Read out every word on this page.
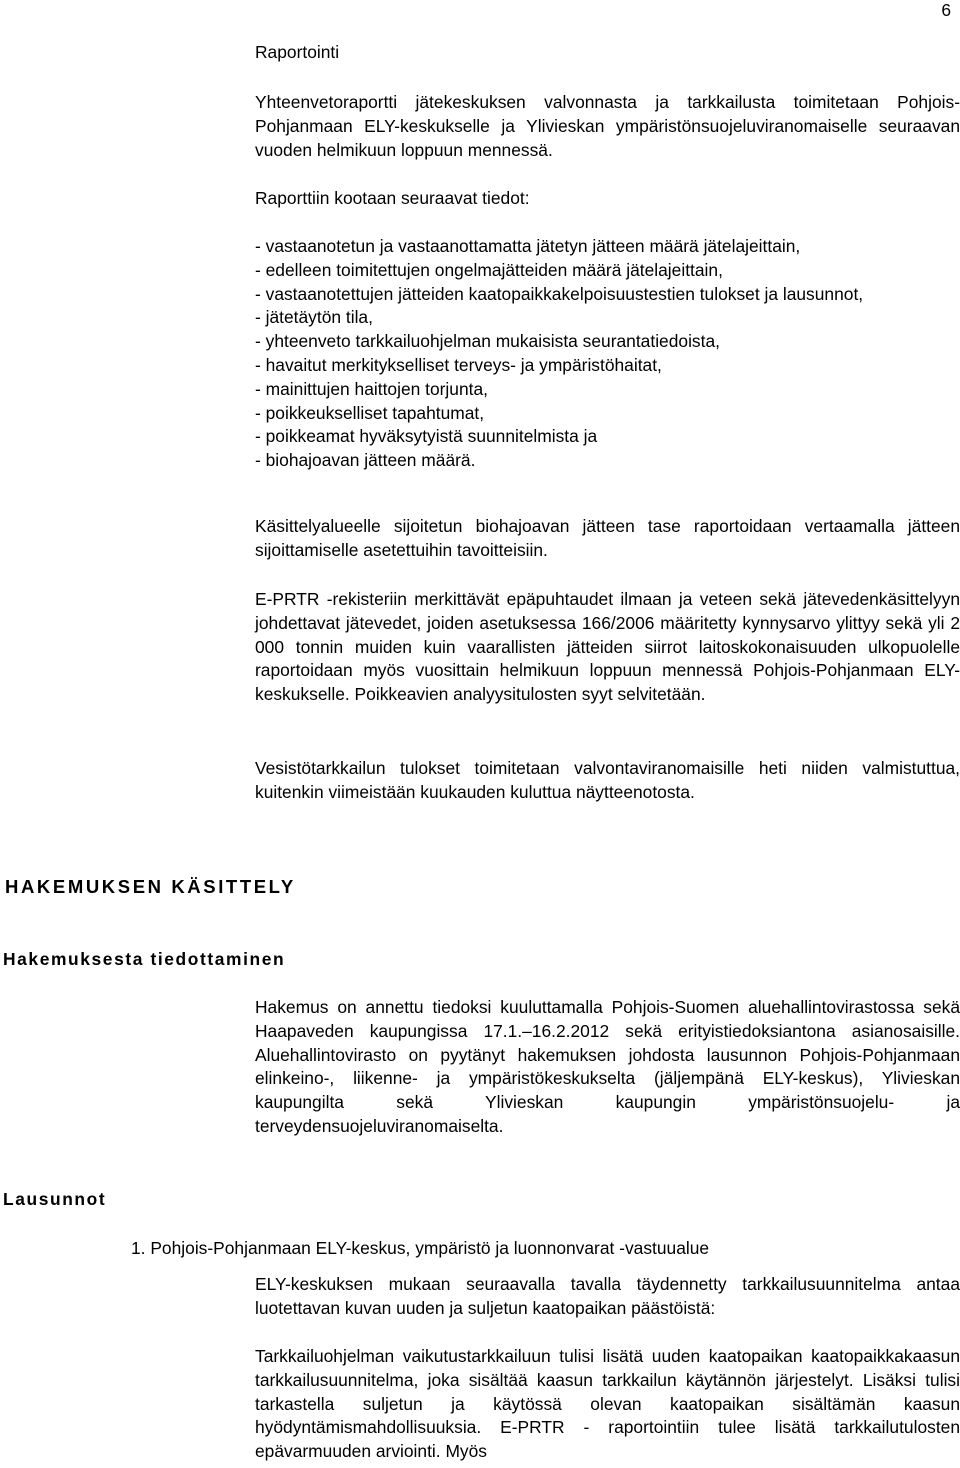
6
Raportointi

Yhteenvetoraportti jätekeskuksen valvonnasta ja tarkkailusta toimitetaan Pohjois-Pohjanmaan ELY-keskukselle ja Ylivieskan ympäristönsuojeluviranomaiselle seuraavan vuoden helmikuun loppuun mennessä.

Raporttiin kootaan seuraavat tiedot:

- vastaanotetun ja vastaanottamatta jätetyn jätteen määrä jätelajeittain,
- edelleen toimitettujen ongelmajätteiden määrä jätelajeittain,
- vastaanotettujen jätteiden kaatopaikkakelpoisuustestien tulokset ja lausunnot,
- jätetäytön tila,
- yhteenveto tarkkailuohjelman mukaisista seurantatiedoista,
- havaitut merkitykselliset terveys- ja ympäristöhaitat,
- mainittujen haittojen torjunta,
- poikkeukselliset tapahtumat,
- poikkeamat hyväksytyistä suunnitelmista ja
- biohajoavan jätteen määrä.

Käsittelyalueelle sijoitetun biohajoavan jätteen tase raportoidaan vertaamalla jätteen sijoittamiselle asetettuihin tavoitteisiin.

E-PRTR -rekisteriin merkittävät epäpuhtaudet ilmaan ja veteen sekä jätevedenkäsittelyyn johdettavat jätevedet, joiden asetuksessa 166/2006 määritetty kynnysarvo ylittyy sekä yli 2 000 tonnin muiden kuin vaarallisten jätteiden siirrot laitoskokonaisuuden ulkopuolelle raportoidaan myös vuosittain helmikuun loppuun mennessä Pohjois-Pohjanmaan ELY-keskukselle. Poikkeavien analyysitulosten syyt selvitetään.

Vesistötarkkailun tulokset toimitetaan valvontaviranomaisille heti niiden valmistuttua, kuitenkin viimeistään kuukauden kuluttua näytteenotosta.

HAKEMUKSEN KÄSITTELY
Hakemuksesta tiedottaminen

Hakemus on annettu tiedoksi kuuluttamalla Pohjois-Suomen aluehallintovirastossa sekä Haapaveden kaupungissa 17.1.–16.2.2012 sekä erityistiedoksiantona asianosaisille. Aluehallintovirasto on pyytänyt hakemuksen johdosta lausunnon Pohjois-Pohjanmaan elinkeino-, liikenne- ja ympäristökeskukselta (jäljempänä ELY-keskus), Ylivieskan kaupungilta sekä Ylivieskan kaupungin ympäristönsuojelu- ja terveydensuojeluviranomaiselta.

Lausunnot
1. Pohjois-Pohjanmaan ELY-keskus, ympäristö ja luonnonvarat -vastuualue

ELY-keskuksen mukaan seuraavalla tavalla täydennetty tarkkailusuunnitelma antaa luotettavan kuvan uuden ja suljetun kaatopaikan päästöistä:

Tarkkailuohjelman vaikutustarkkailuun tulisi lisätä uuden kaatopaikan kaatopaikkakaasun tarkkailusuunnitelma, joka sisältää kaasun tarkkailun käytännön järjestelyt. Lisäksi tulisi tarkastella suljetun ja käytössä olevan kaatopaikan sisältämän kaasun hyödyntämismahdollisuuksia. E-PRTR - raportointiin tulee lisätä tarkkailutulosten epävarmuuden arviointi. Myös
